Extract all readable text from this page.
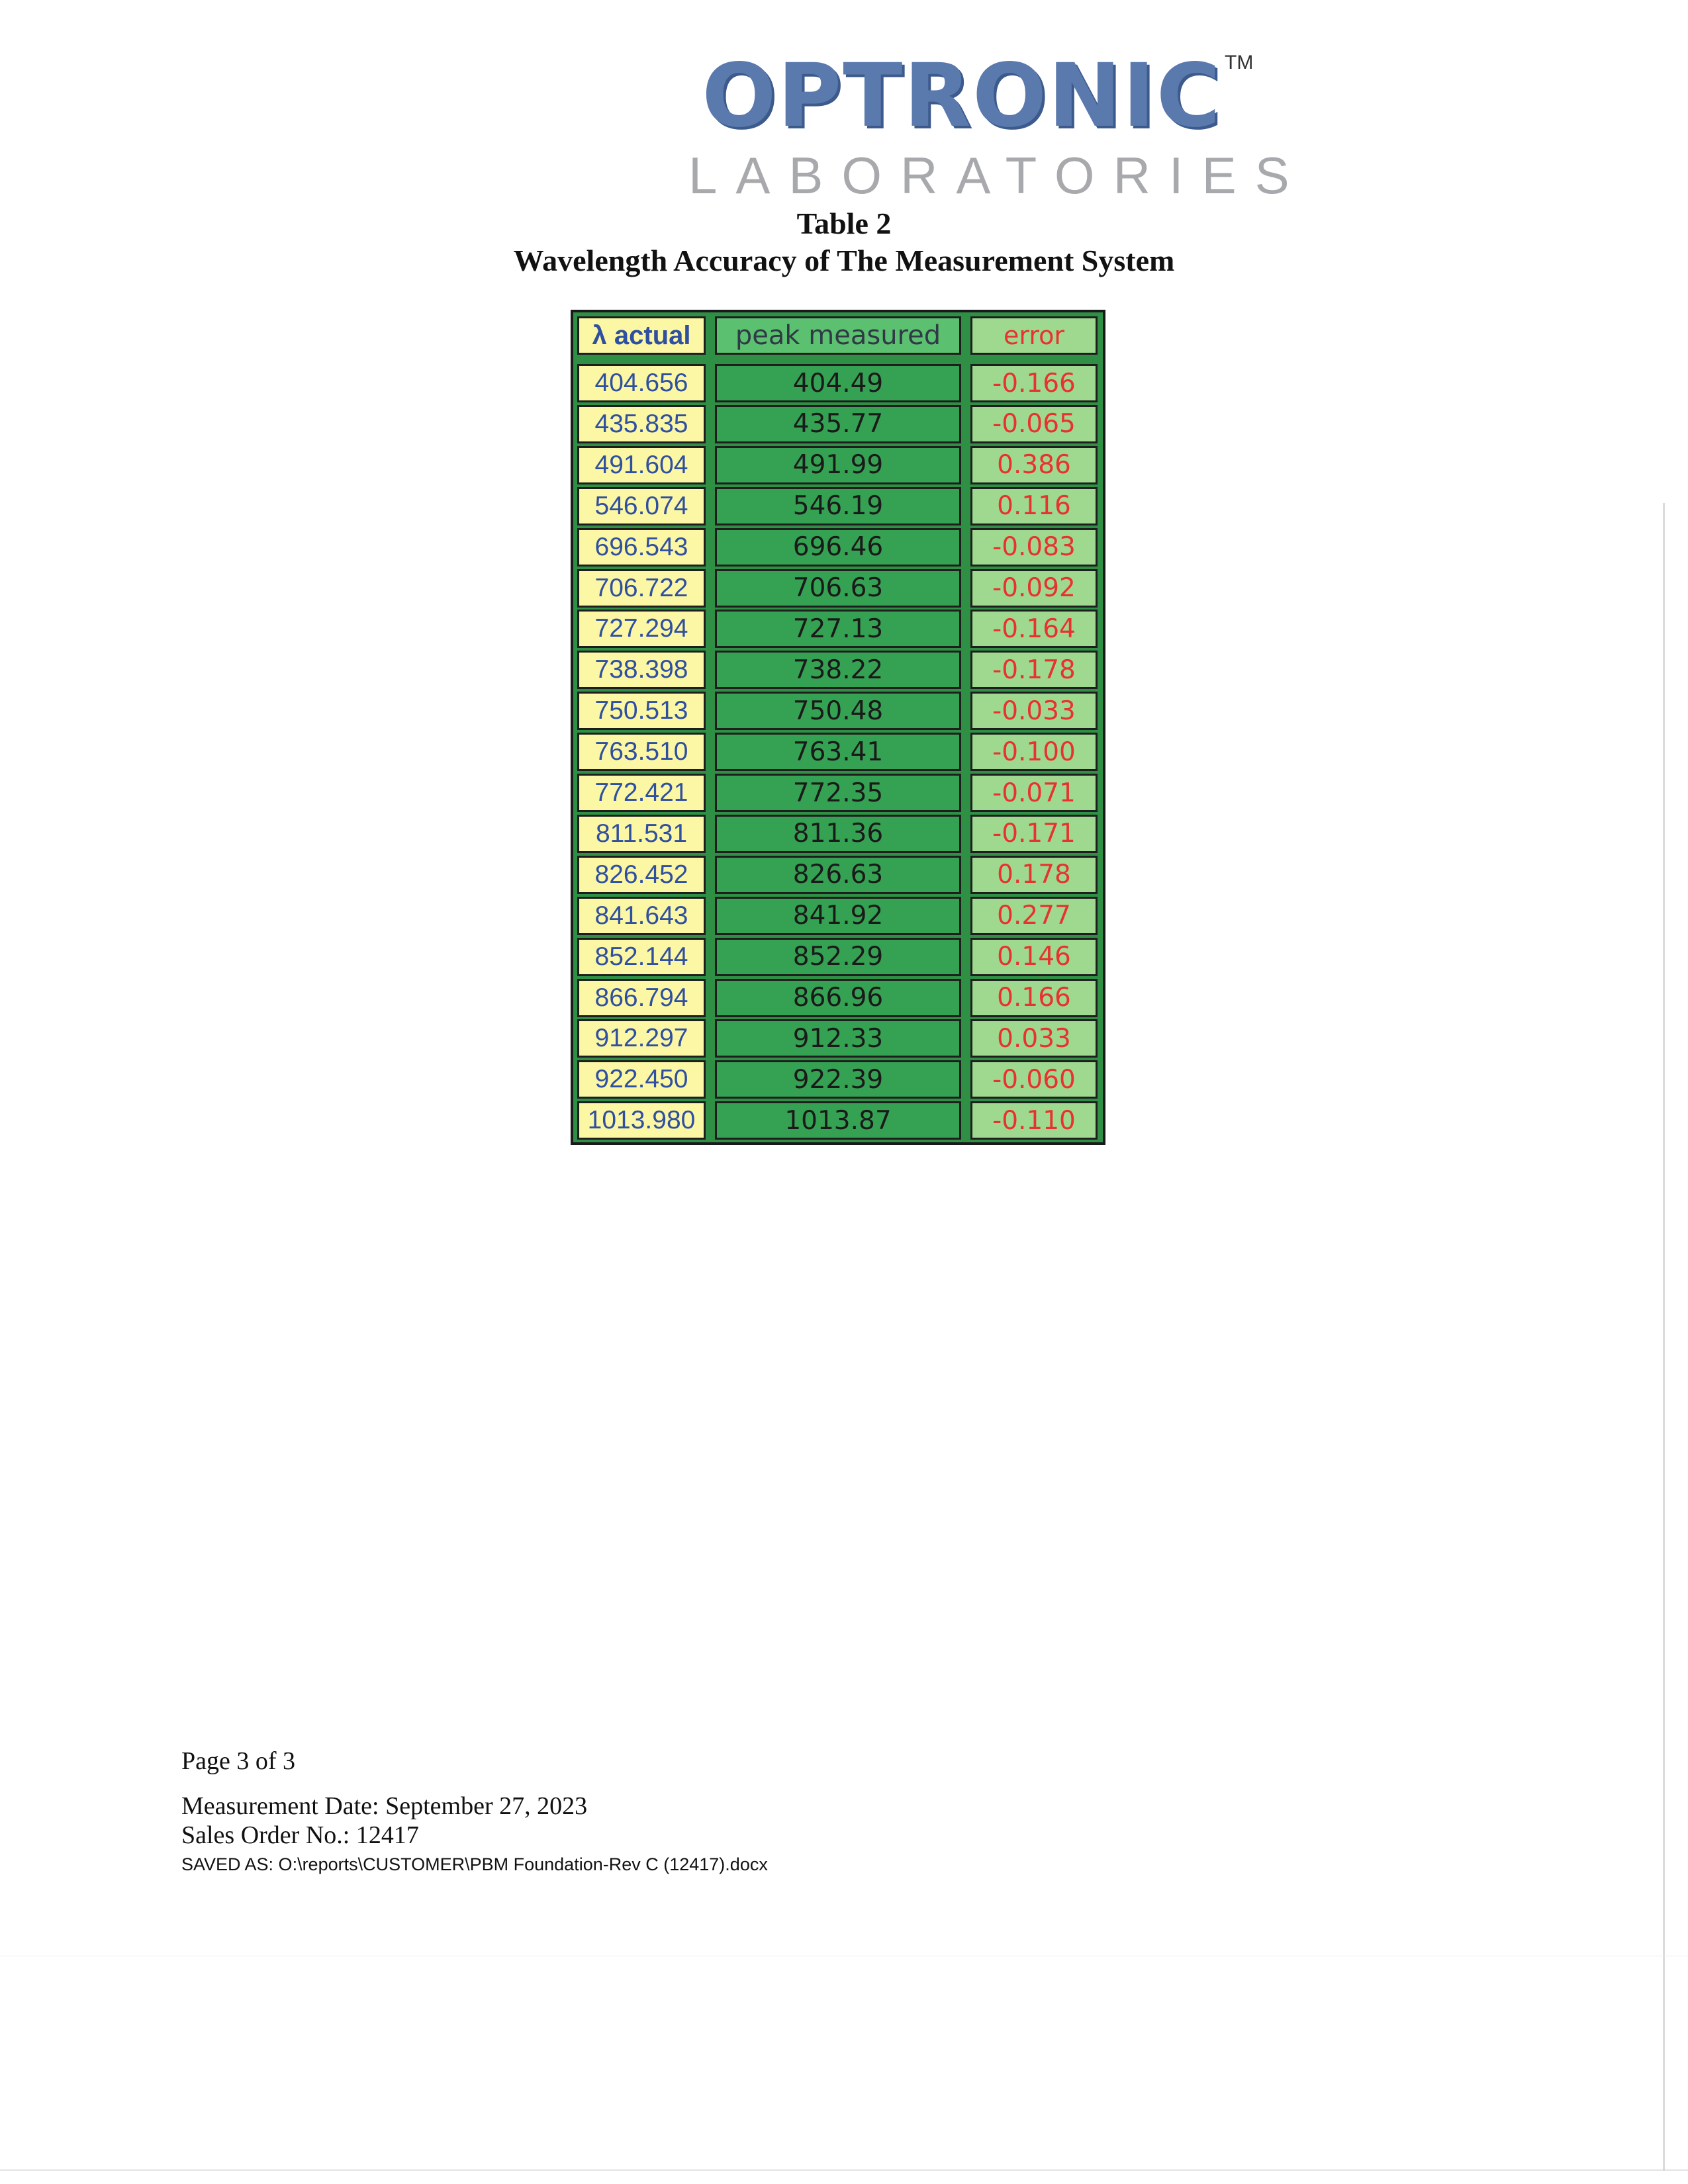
OPTRONIC TM
LABORATORIES
Table 2
Wavelength Accuracy of The Measurement System
λ actual
404.656
435.835
491.604
546.074
696.543
706.722
727.294
738.398
750.513
763.510
772.421
811.531
826.452
841.643
852.144
866.794
912.297
922.450
1013.980
peak measured
404.49
435.77
491.99
546.19
696.46
706.63
727.13
738.22
750.48
763.41
772.35
811.36
826.63
841.92
852.29
866.96
912.33
922.39
1013.87
error
-0.166
-0.065
0.386
0.116
-0.083
-0.092
-0.164
-0.178
-0.033
-0.100
-0.071
-0.171
0.178
0.277
0.146
0.166
0.033
-0.060
-0.110
Page 3 of 3
Measurement Date: September 27, 2023
Sales Order No.: 12417
SAVED AS: O:\reports\CUSTOMER\PBM Foundation-Rev C (12417).docx
